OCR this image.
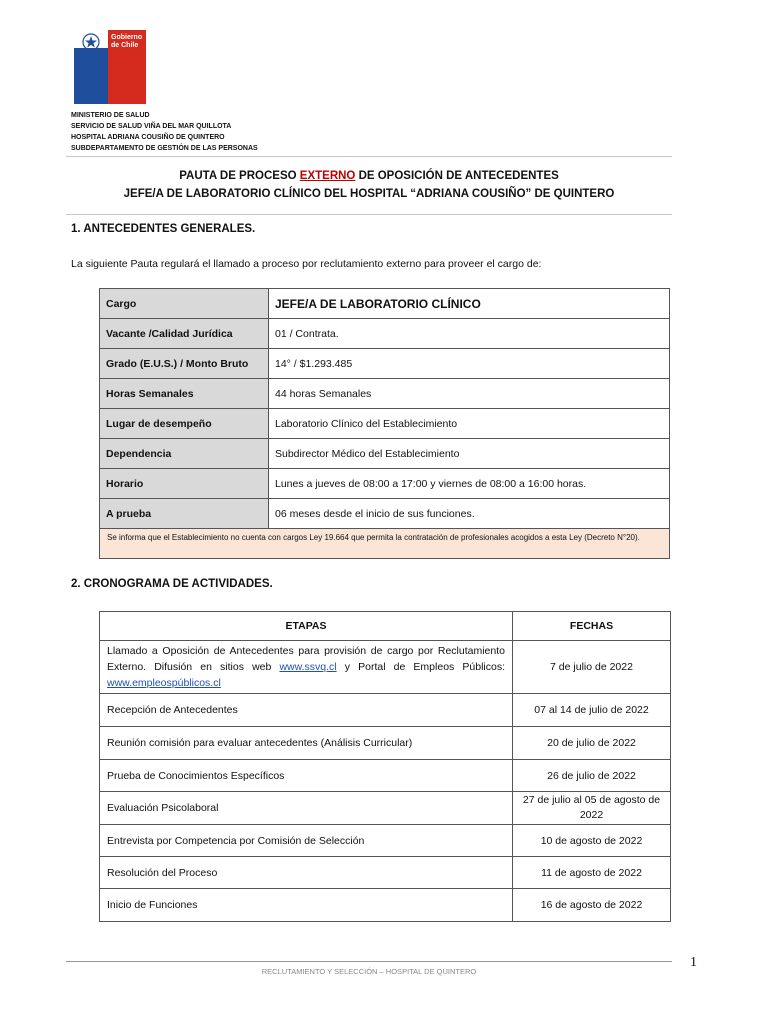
Gobierno
de Chile
MINISTERIO DE SALUD
SERVICIO DE SALUD VIÑA DEL MAR QUILLOTA
HOSPITAL ADRIANA COUSIÑO DE QUINTERO
SUBDEPARTAMENTO DE GESTIÓN DE LAS PERSONAS
PAUTA DE PROCESO EXTERNO DE OPOSICIÓN DE ANTECEDENTES
JEFE/A DE LABORATORIO CLÍNICO DEL HOSPITAL “ADRIANA COUSIÑO” DE QUINTERO
1. ANTECEDENTES GENERALES.
La siguiente Pauta regulará el llamado a proceso por reclutamiento externo para proveer el cargo de:
Cargo	JEFE/A DE LABORATORIO CLÍNICO
Vacante /Calidad Jurídica	01 / Contrata.
Grado (E.U.S.) / Monto Bruto	14° / $1.293.485
Horas Semanales	44 horas Semanales
Lugar de desempeño	Laboratorio Clínico del Establecimiento
Dependencia	Subdirector Médico del Establecimiento
Horario	Lunes a jueves de 08:00 a 17:00 y viernes de 08:00 a 16:00 horas.
A prueba	06 meses desde el inicio de sus funciones.
Se informa que el Establecimiento no cuenta con cargos Ley 19.664 que permita la contratación de profesionales acogidos a esta Ley (Decreto N°20).
2. CRONOGRAMA DE ACTIVIDADES.
ETAPAS	FECHAS
Llamado a Oposición de Antecedentes para provisión de cargo por Reclutamiento Externo. Difusión en sitios web www.ssvq.cl y Portal de Empleos Públicos: www.empleospúblicos.cl	7 de julio de 2022
Recepción de Antecedentes	07 al 14 de julio de 2022
Reunión comisión para evaluar antecedentes (Análisis Curricular)	20 de julio de 2022
Prueba de Conocimientos Específicos	26 de julio de 2022
Evaluación Psicolaboral	27 de julio al 05 de agosto de 2022
Entrevista por Competencia por Comisión de Selección	10 de agosto de 2022
Resolución del Proceso	11 de agosto de 2022
Inicio de Funciones	16 de agosto de 2022
1
RECLUTAMIENTO Y SELECCIÓN – HOSPITAL DE QUINTERO
